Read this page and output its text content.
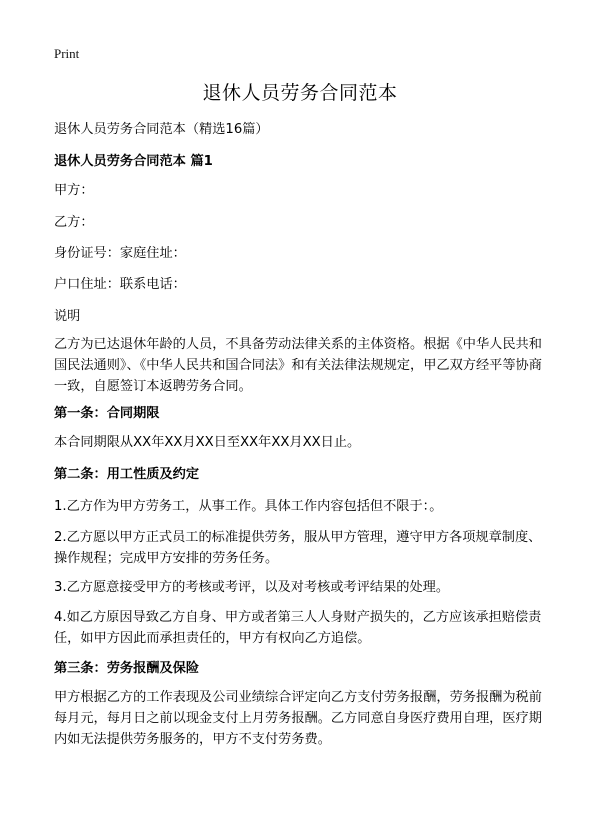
Print
退休人员劳务合同范本

退休人员劳务合同范本（精选16篇）

退休人员劳务合同范本 篇1

甲方：

乙方：

身份证号：家庭住址：

户口住址：联系电话：

说明

乙方为已达退休年龄的人员，不具备劳动法律关系的主体资格。根据《中华人民共和国民法通则》、《中华人民共和国合同法》和有关法律法规规定，甲乙双方经平等协商一致，自愿签订本返聘劳务合同。

第一条：合同期限

本合同期限从XX年XX月XX日至XX年XX月XX日止。

第二条：用工性质及约定

1.乙方作为甲方劳务工，从事工作。具体工作内容包括但不限于：。

2.乙方愿以甲方正式员工的标准提供劳务，服从甲方管理，遵守甲方各项规章制度、操作规程；完成甲方安排的劳务任务。

3.乙方愿意接受甲方的考核或考评，以及对考核或考评结果的处理。

4.如乙方原因导致乙方自身、甲方或者第三人人身财产损失的，乙方应该承担赔偿责任，如甲方因此而承担责任的，甲方有权向乙方追偿。

第三条：劳务报酬及保险

甲方根据乙方的工作表现及公司业绩综合评定向乙方支付劳务报酬，劳务报酬为税前每月元，每月日之前以现金支付上月劳务报酬。乙方同意自身医疗费用自理，医疗期内如无法提供劳务服务的，甲方不支付劳务费。
